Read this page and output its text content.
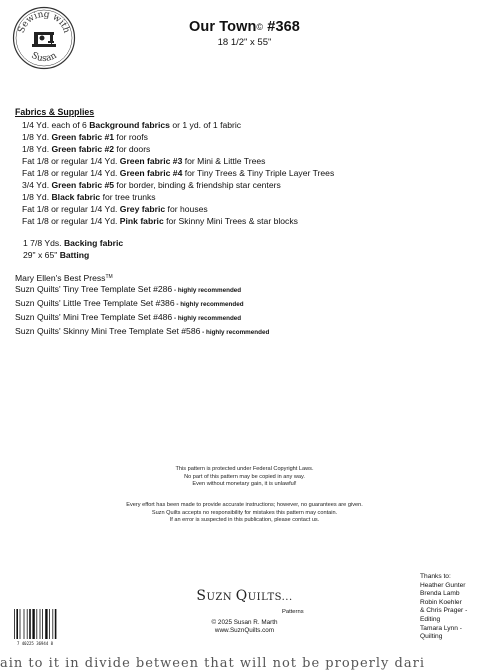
Sewing with
Susan
Our Town© #368
18 1/2" x 55"
Fabrics & Supplies
1/4 Yd. each of 6 Background fabrics or 1 yd. of 1 fabric
1/8 Yd. Green fabric #1 for roofs
1/8 Yd. Green fabric #2 for doors
Fat 1/8 or regular 1/4 Yd. Green fabric #3 for Mini & Little Trees
Fat 1/8 or regular 1/4 Yd. Green fabric #4 for Tiny Trees & Tiny Triple Layer Trees
3/4 Yd. Green fabric #5 for border, binding & friendship star centers
1/8 Yd. Black fabric for tree trunks
Fat 1/8 or regular 1/4 Yd. Grey fabric for houses
Fat 1/8 or regular 1/4 Yd. Pink fabric for Skinny Mini Trees & star blocks
1 7/8 Yds. Backing fabric
29" x 65" Batting
Mary Ellen's Best Press™
Suzn Quilts' Tiny Tree Template Set #286 - highly recommended
Suzn Quilts' Little Tree Template Set #386 - highly recommended
Suzn Quilts' Mini Tree Template Set #486 - highly recommended
Suzn Quilts' Skinny Mini Tree Template Set #586 - highly recommended
This pattern is protected under Federal Copyright Laws.
No part of this pattern may be copied in any way.
Even without monetary gain, it is unlawful!
Every effort has been made to provide accurate instructions; however, no guarantees are given.
Suzn Quilts accepts no responsibility for mistakes this pattern may contain.
If an error is suspected in this publication, please contact us.
SUZN QUILTS...
Patterns
© 2025 Susan R. Marth
www.SuznQuilts.com
Thanks to:
Heather Gunter
Brenda Lamb
Robin Koehler
& Chris Prager -
Editing
Tamara Lynn -
Quilting
7 40225 36944 8
ain to it in divide between that will not be properly dari
